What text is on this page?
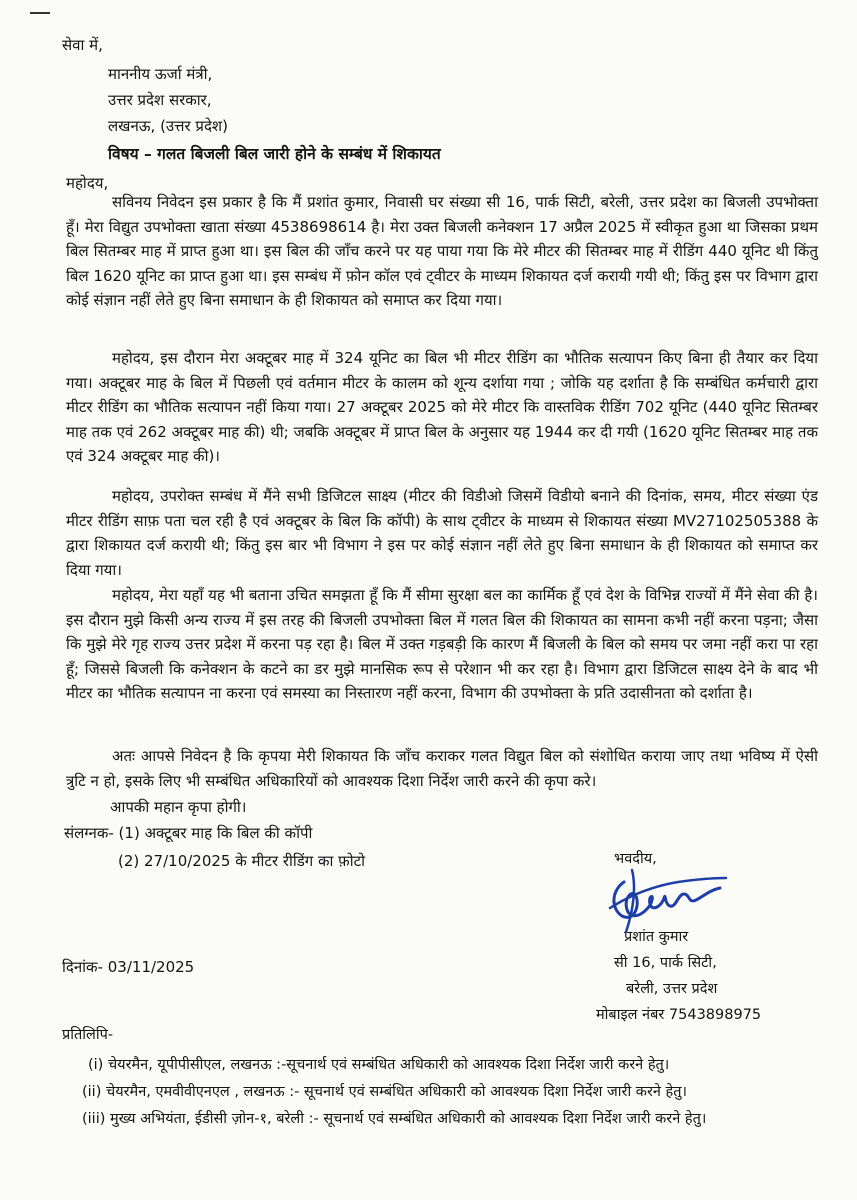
सेवा में,
माननीय ऊर्जा मंत्री,
उत्तर प्रदेश सरकार,
लखनऊ, (उत्तर प्रदेश)
विषय – गलत बिजली बिल जारी होने के सम्बंध में शिकायत
महोदय,
सविनय निवेदन इस प्रकार है कि मैं प्रशांत कुमार, निवासी घर संख्या सी 16, पार्क सिटी, बरेली, उत्तर प्रदेश का बिजली उपभोक्ता हूँ। मेरा विद्युत उपभोक्ता खाता संख्या 4538698614 है। मेरा उक्त बिजली कनेक्शन 17 अप्रैल 2025 में स्वीकृत हुआ था जिसका प्रथम बिल सितम्बर माह में प्राप्त हुआ था। इस बिल की जाँच करने पर यह पाया गया कि मेरे मीटर की सितम्बर माह में रीडिंग 440 यूनिट थी किंतु बिल 1620 यूनिट का प्राप्त हुआ था। इस सम्बंध में फ़ोन कॉल एवं ट्वीटर के माध्यम शिकायत दर्ज करायी गयी थी; किंतु इस पर विभाग द्वारा कोई संज्ञान नहीं लेते हुए बिना समाधान के ही शिकायत को समाप्त कर दिया गया।
महोदय, इस दौरान मेरा अक्टूबर माह में 324 यूनिट का बिल भी मीटर रीडिंग का भौतिक सत्यापन किए बिना ही तैयार कर दिया गया। अक्टूबर माह के बिल में पिछली एवं वर्तमान मीटर के कालम को शून्य दर्शाया गया ; जोकि यह दर्शाता है कि सम्बंधित कर्मचारी द्वारा मीटर रीडिंग का भौतिक सत्यापन नहीं किया गया। 27 अक्टूबर 2025 को मेरे मीटर कि वास्तविक रीडिंग 702 यूनिट (440 यूनिट सितम्बर माह तक एवं 262 अक्टूबर माह की) थी; जबकि अक्टूबर में प्राप्त बिल के अनुसार यह 1944 कर दी गयी (1620 यूनिट सितम्बर माह तक एवं 324 अक्टूबर माह की)।
महोदय, उपरोक्त सम्बंध में मैंने सभी डिजिटल साक्ष्य (मीटर की विडीओ जिसमें विडीयो बनाने की दिनांक, समय, मीटर संख्या एंड मीटर रीडिंग साफ़ पता चल रही है एवं अक्टूबर के बिल कि कॉपी) के साथ ट्वीटर के माध्यम से शिकायत संख्या MV27102505388 के द्वारा शिकायत दर्ज करायी थी; किंतु इस बार भी विभाग ने इस पर कोई संज्ञान नहीं लेते हुए बिना समाधान के ही शिकायत को समाप्त कर दिया गया।
महोदय, मेरा यहाँ यह भी बताना उचित समझता हूँ कि मैं सीमा सुरक्षा बल का कार्मिक हूँ एवं देश के विभिन्न राज्यों में मैंने सेवा की है। इस दौरान मुझे किसी अन्य राज्य में इस तरह की बिजली उपभोक्ता बिल में गलत बिल की शिकायत का सामना कभी नहीं करना पड़ना; जैसा कि मुझे मेरे गृह राज्य उत्तर प्रदेश में करना पड़ रहा है। बिल में उक्त गड़बड़ी कि कारण मैं बिजली के बिल को समय पर जमा नहीं करा पा रहा हूँ; जिससे बिजली कि कनेक्शन के कटने का डर मुझे मानसिक रूप से परेशान भी कर रहा है। विभाग द्वारा डिजिटल साक्ष्य देने के बाद भी मीटर का भौतिक सत्यापन ना करना एवं समस्या का निस्तारण नहीं करना, विभाग की उपभोक्ता के प्रति उदासीनता को दर्शाता है।
अतः आपसे निवेदन है कि कृपया मेरी शिकायत कि जाँच कराकर गलत विद्युत बिल को संशोधित कराया जाए तथा भविष्य में ऐसी त्रुटि न हो, इसके लिए भी सम्बंधित अधिकारियों को आवश्यक दिशा निर्देश जारी करने की कृपा करे।
आपकी महान कृपा होगी।
संलग्नक- (1) अक्टूबर माह कि बिल की कॉपी
(2) 27/10/2025 के मीटर रीडिंग का फ़ोटो	भवदीय,
प्रशांत कुमार
सी 16, पार्क सिटी,
बरेली, उत्तर प्रदेश
मोबाइल नंबर 7543898975
दिनांक- 03/11/2025
प्रतिलिपि-
(i) चेयरमैन, यूपीपीसीएल, लखनऊ :-सूचनार्थ एवं सम्बंधित अधिकारी को आवश्यक दिशा निर्देश जारी करने हेतु।
(ii) चेयरमैन, एमवीवीएनएल , लखनऊ :- सूचनार्थ एवं सम्बंधित अधिकारी को आवश्यक दिशा निर्देश जारी करने हेतु।
(iii) मुख्य अभियंता, ईडीसी ज़ोन-१, बरेली :- सूचनार्थ एवं सम्बंधित अधिकारी को आवश्यक दिशा निर्देश जारी करने हेतु।
